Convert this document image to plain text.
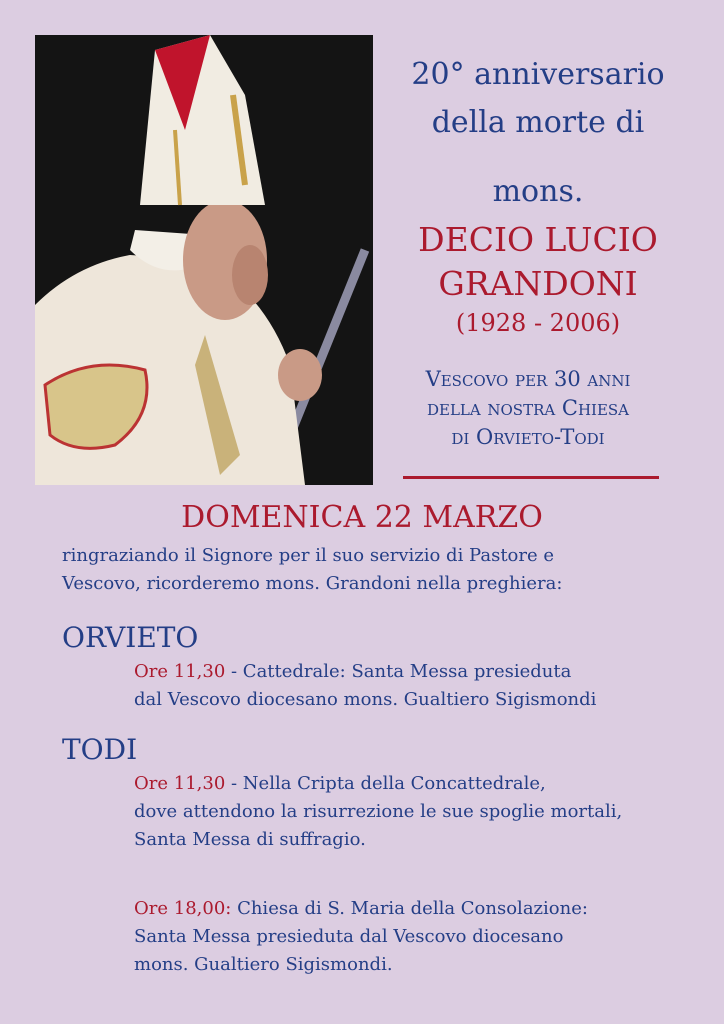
20° anniversario
della morte di
mons.
DECIO LUCIO
GRANDONI
(1928 - 2006)
Vescovo per 30 anni
della nostra Chiesa
di Orvieto-Todi
DOMENICA 22 MARZO
ringraziando il Signore per il suo servizio di Pastore e
Vescovo, ricorderemo mons. Grandoni nella preghiera:
ORVIETO
Ore 11,30 - Cattedrale: Santa Messa presieduta
dal Vescovo diocesano mons. Gualtiero Sigismondi
TODI
Ore 11,30 - Nella Cripta della Concattedrale,
dove attendono la risurrezione le sue spoglie mortali,
Santa Messa di suffragio.
Ore 18,00: Chiesa di S. Maria della Consolazione:
Santa Messa presieduta dal Vescovo diocesano
mons. Gualtiero Sigismondi.
